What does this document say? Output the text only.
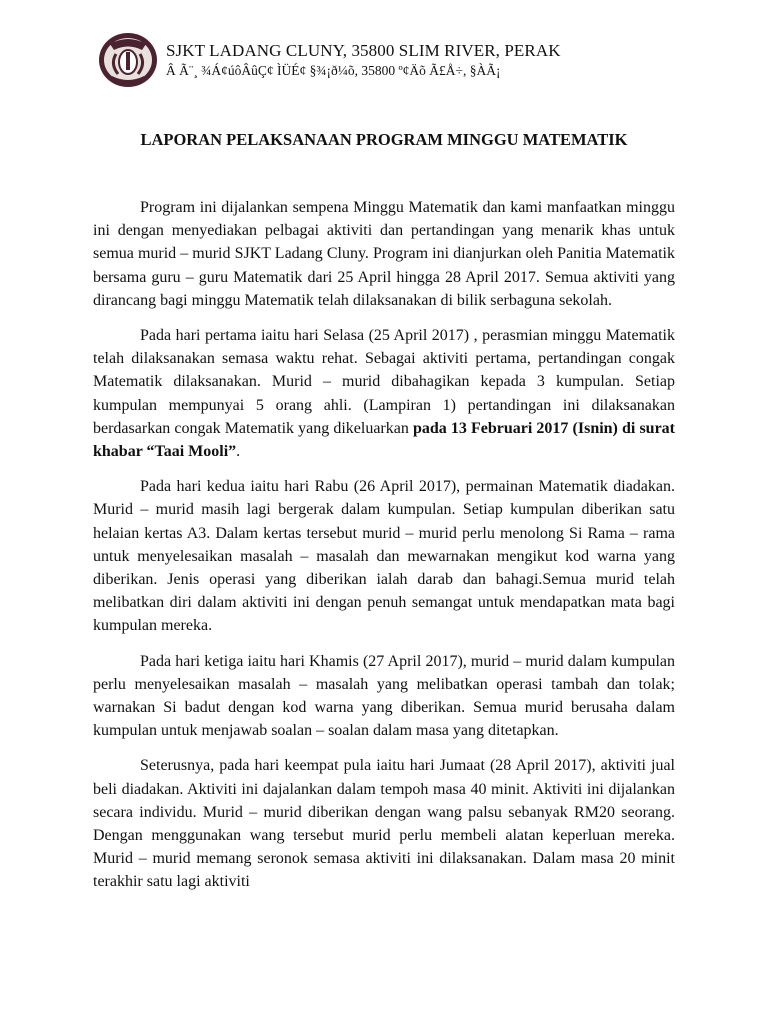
SJKT LADANG CLUNY, 35800 SLIM RIVER, PERAK
Â Ã¨¸ ¾Á¢úôÂûÇ¢ ÌÜÉ¢ §¾¡ð¼õ, 35800 º¢Äõ Ã£Å÷, §ÀÃ¡
LAPORAN PELAKSANAAN PROGRAM MINGGU MATEMATIK

Program ini dijalankan sempena Minggu Matematik dan kami manfaatkan minggu ini dengan menyediakan pelbagai aktiviti dan pertandingan yang menarik khas untuk semua murid – murid SJKT Ladang Cluny. Program ini dianjurkan oleh Panitia Matematik bersama guru – guru Matematik dari 25 April hingga 28 April 2017. Semua aktiviti yang dirancang bagi minggu Matematik telah dilaksanakan di bilik serbaguna sekolah.

Pada hari pertama iaitu hari Selasa (25 April 2017) , perasmian minggu Matematik telah dilaksanakan semasa waktu rehat. Sebagai aktiviti pertama, pertandingan congak Matematik dilaksanakan. Murid – murid dibahagikan kepada 3 kumpulan. Setiap kumpulan mempunyai 5 orang ahli. (Lampiran 1) pertandingan ini dilaksanakan berdasarkan congak Matematik yang dikeluarkan pada 13 Februari 2017 (Isnin) di surat khabar “Taai Mooli”.

Pada hari kedua iaitu hari Rabu (26 April 2017), permainan Matematik diadakan. Murid – murid masih lagi bergerak dalam kumpulan. Setiap kumpulan diberikan satu helaian kertas A3. Dalam kertas tersebut murid – murid perlu menolong Si Rama – rama untuk menyelesaikan masalah – masalah dan mewarnakan mengikut kod warna yang diberikan. Jenis operasi yang diberikan ialah darab dan bahagi.Semua murid telah melibatkan diri dalam aktiviti ini dengan penuh semangat untuk mendapatkan mata bagi kumpulan mereka.

Pada hari ketiga iaitu hari Khamis (27 April 2017), murid – murid dalam kumpulan perlu menyelesaikan masalah – masalah yang melibatkan operasi tambah dan tolak; warnakan Si badut dengan kod warna yang diberikan. Semua murid berusaha dalam kumpulan untuk menjawab soalan – soalan dalam masa yang ditetapkan.

Seterusnya, pada hari keempat pula iaitu hari Jumaat (28 April 2017), aktiviti jual beli diadakan. Aktiviti ini dajalankan dalam tempoh masa 40 minit. Aktiviti ini dijalankan secara individu. Murid – murid diberikan dengan wang palsu sebanyak RM20 seorang. Dengan menggunakan wang tersebut murid perlu membeli alatan keperluan mereka. Murid – murid memang seronok semasa aktiviti ini dilaksanakan. Dalam masa 20 minit terakhir satu lagi aktiviti
